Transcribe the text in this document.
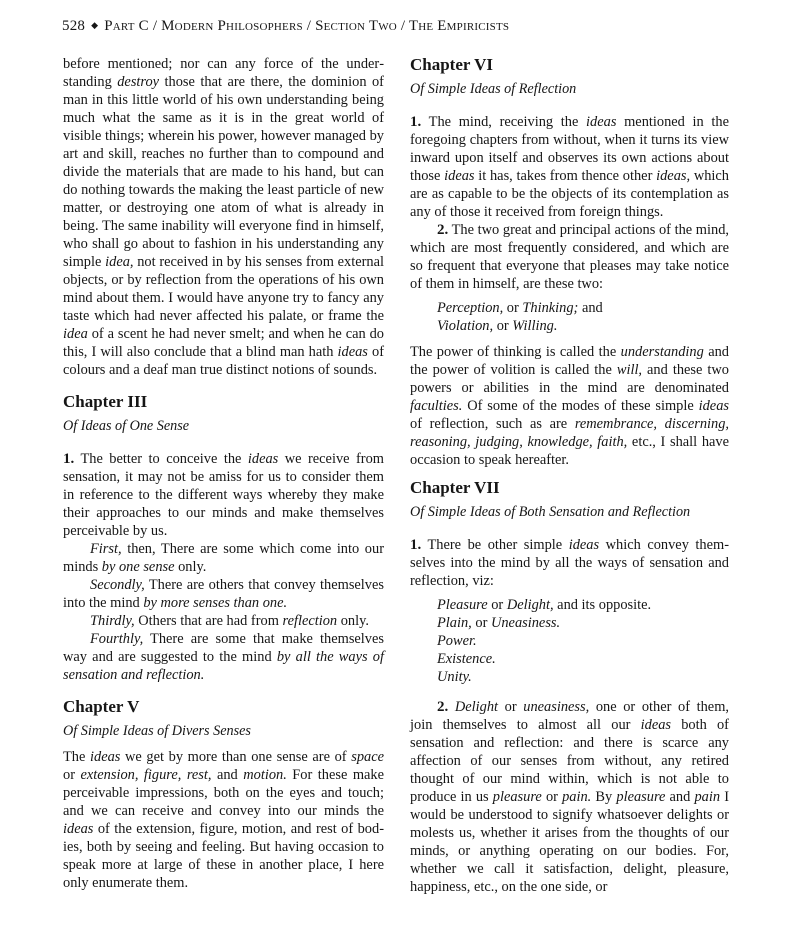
528 ◆ Part C / Modern Philosophers / Section Two / The Empiricists

before mentioned; nor can any force of the understanding destroy those that are there, the dominion of man in this little world of his own understanding being much what the same as it is in the great world of visible things; wherein his power, however managed by art and skill, reaches no further than to compound and divide the materials that are made to his hand, but can do nothing towards the making the least particle of new matter, or destroying one atom of what is already in being. The same inability will everyone find in himself, who shall go about to fashion in his understanding any simple idea, not received in by his senses from external objects, or by reflection from the operations of his own mind about them. I would have anyone try to fancy any taste which had never affected his palate, or frame the idea of a scent he had never smelt; and when he can do this, I will also conclude that a blind man hath ideas of colours and a deaf man true distinct notions of sounds.

Chapter III
Of Ideas of One Sense

1. The better to conceive the ideas we receive from sensation, it may not be amiss for us to consider them in reference to the different ways whereby they make their approaches to our minds and make themselves perceivable by us.

First, then, There are some which come into our minds by one sense only.

Secondly, There are others that convey themselves into the mind by more senses than one.

Thirdly, Others that are had from reflection only.

Fourthly, There are some that make themselves way and are suggested to the mind by all the ways of sensation and reflection.

Chapter V
Of Simple Ideas of Divers Senses

The ideas we get by more than one sense are of space or extension, figure, rest, and motion. For these make perceivable impressions, both on the eyes and touch; and we can receive and convey into our minds the ideas of the extension, figure, motion, and rest of bodies, both by seeing and feeling. But having occasion to speak more at large of these in another place, I here only enumerate them.

Chapter VI
Of Simple Ideas of Reflection

1. The mind, receiving the ideas mentioned in the foregoing chapters from without, when it turns its view inward upon itself and observes its own actions about those ideas it has, takes from thence other ideas, which are as capable to be the objects of its contemplation as any of those it received from foreign things.

2. The two great and principal actions of the mind, which are most frequently considered, and which are so frequent that everyone that pleases may take notice of them in himself, are these two:

Perception, or Thinking; and
Violation, or Willing.

The power of thinking is called the understanding and the power of volition is called the will, and these two powers or abilities in the mind are denominated faculties. Of some of the modes of these simple ideas of reflection, such as are remembrance, discerning, reasoning, judging, knowledge, faith, etc., I shall have occasion to speak hereafter.

Chapter VII
Of Simple Ideas of Both Sensation and Reflection

1. There be other simple ideas which convey themselves into the mind by all the ways of sensation and reflection, viz:

Pleasure or Delight, and its opposite.
Plain, or Uneasiness.
Power.
Existence.
Unity.

2. Delight or uneasiness, one or other of them, join themselves to almost all our ideas both of sensation and reflection: and there is scarce any affection of our senses from without, any retired thought of our mind within, which is not able to produce in us pleasure or pain. By pleasure and pain I would be understood to signify whatsoever delights or molests us, whether it arises from the thoughts of our minds, or anything operating on our bodies. For, whether we call it satisfaction, delight, pleasure, happiness, etc., on the one side, or
